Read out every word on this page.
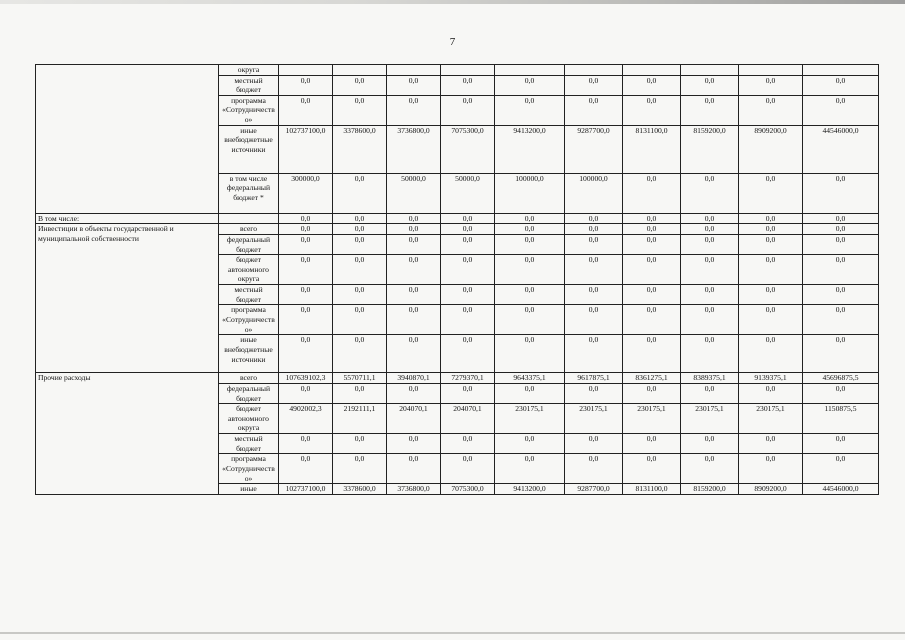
7
	округа										
	местный бюджет	0,0	0,0	0,0	0,0	0,0	0,0	0,0	0,0	0,0	0,0
	программа «Сотрудничество»	0,0	0,0	0,0	0,0	0,0	0,0	0,0	0,0	0,0	0,0
	иные внебюджетные источники	102737100,0	3378600,0	3736800,0	7075300,0	9413200,0	9287700,0	8131100,0	8159200,0	8909200,0	44546000,0
	в том числе федеральный бюджет *	300000,0	0,0	50000,0	50000,0	100000,0	100000,0	0,0	0,0	0,0	0,0
В том числе:		0,0	0,0	0,0	0,0	0,0	0,0	0,0	0,0	0,0	0,0
Инвестиции в объекты государственной и муниципальной собственности	всего	0,0	0,0	0,0	0,0	0,0	0,0	0,0	0,0	0,0	0,0
	федеральный бюджет	0,0	0,0	0,0	0,0	0,0	0,0	0,0	0,0	0,0	0,0
	бюджет автономного округа	0,0	0,0	0,0	0,0	0,0	0,0	0,0	0,0	0,0	0,0
	местный бюджет	0,0	0,0	0,0	0,0	0,0	0,0	0,0	0,0	0,0	0,0
	программа «Сотрудничество»	0,0	0,0	0,0	0,0	0,0	0,0	0,0	0,0	0,0	0,0
	иные внебюджетные источники	0,0	0,0	0,0	0,0	0,0	0,0	0,0	0,0	0,0	0,0
Прочие расходы	всего	107639102,3	5570711,1	3940870,1	7279370,1	9643375,1	9617875,1	8361275,1	8389375,1	9139375,1	45696875,5
	федеральный бюджет	0,0	0,0	0,0	0,0	0,0	0,0	0,0	0,0	0,0	0,0
	бюджет автономного округа	4902002,3	2192111,1	204070,1	204070,1	230175,1	230175,1	230175,1	230175,1	230175,1	1150875,5
	местный бюджет	0,0	0,0	0,0	0,0	0,0	0,0	0,0	0,0	0,0	0,0
	программа «Сотрудничество»	0,0	0,0	0,0	0,0	0,0	0,0	0,0	0,0	0,0	0,0
	иные	102737100,0	3378600,0	3736800,0	7075300,0	9413200,0	9287700,0	8131100,0	8159200,0	8909200,0	44546000,0
